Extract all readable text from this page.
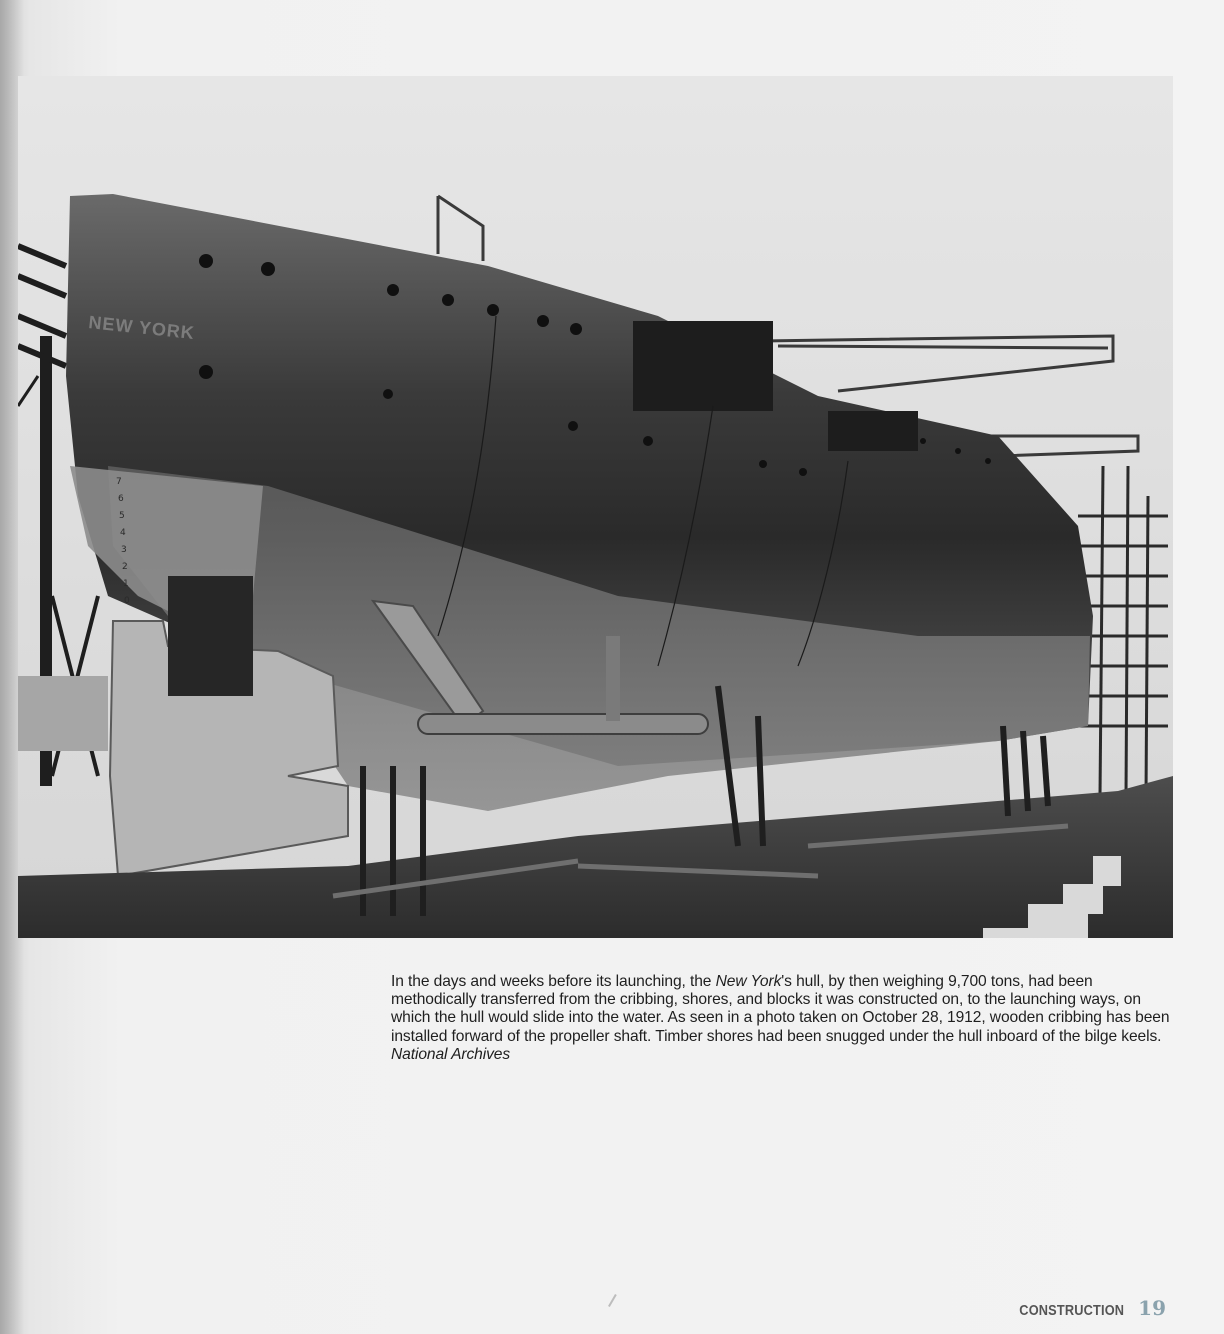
NEW YORK
7
6
5
4
3
2
1
0
In the days and weeks before its launching, the New York's hull, by then weighing 9,700 tons, had been methodically transferred from the cribbing, shores, and blocks it was constructed on, to the launching ways, on which the hull would slide into the water. As seen in a photo taken on October 28, 1912, wooden cribbing has been installed forward of the propeller shaft. Timber shores had been snugged under the hull inboard of the bilge keels. National Archives
CONSTRUCTION 19
